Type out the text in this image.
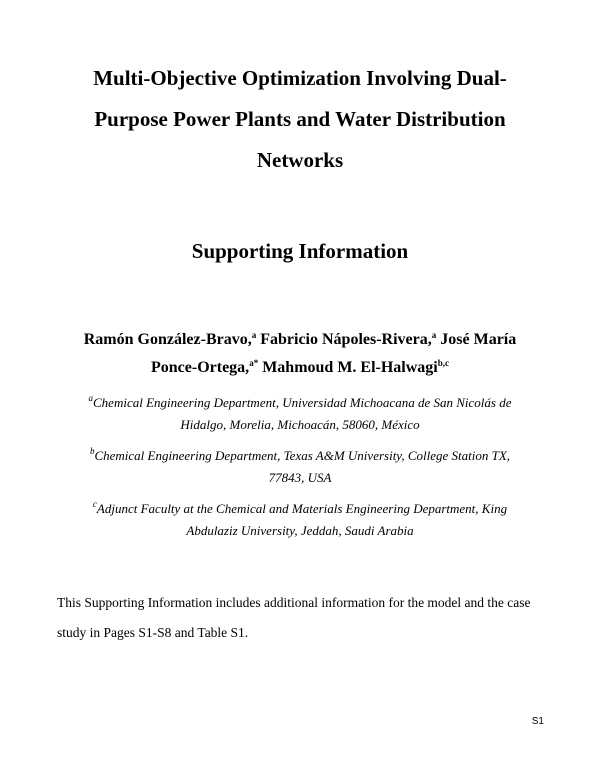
Multi-Objective Optimization Involving Dual-
Purpose Power Plants and Water Distribution
Networks
Supporting Information
Ramón González-Bravo,$^a$ Fabricio Nápoles-Rivera,$^a$ José María
Ponce-Ortega,$^{a*}$ Mahmoud M. El-Halwagi$^{b,c}$
$^a$Chemical Engineering Department, Universidad Michoacana de San Nicolás de
Hidalgo, Morelia, Michoacán, 58060, México
$^b$Chemical Engineering Department, Texas A&M University, College Station TX,
77843, USA
$^c$Adjunct Faculty at the Chemical and Materials Engineering Department, King
Abdulaziz University, Jeddah, Saudi Arabia
This Supporting Information includes additional information for the model and the case study in Pages S1-S8 and Table S1.
S1
